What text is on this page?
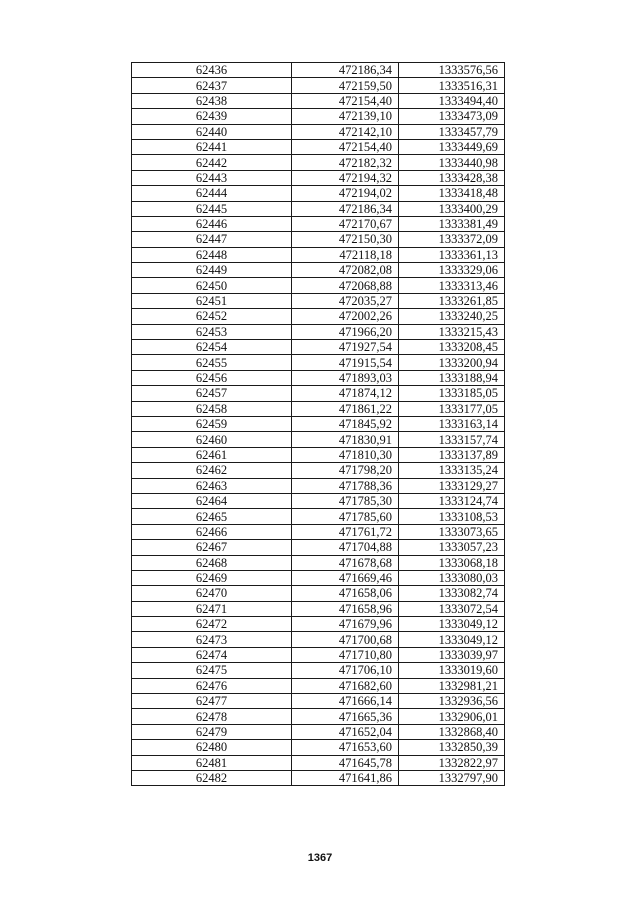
62436	472186,34	1333576,56
62437	472159,50	1333516,31
62438	472154,40	1333494,40
62439	472139,10	1333473,09
62440	472142,10	1333457,79
62441	472154,40	1333449,69
62442	472182,32	1333440,98
62443	472194,32	1333428,38
62444	472194,02	1333418,48
62445	472186,34	1333400,29
62446	472170,67	1333381,49
62447	472150,30	1333372,09
62448	472118,18	1333361,13
62449	472082,08	1333329,06
62450	472068,88	1333313,46
62451	472035,27	1333261,85
62452	472002,26	1333240,25
62453	471966,20	1333215,43
62454	471927,54	1333208,45
62455	471915,54	1333200,94
62456	471893,03	1333188,94
62457	471874,12	1333185,05
62458	471861,22	1333177,05
62459	471845,92	1333163,14
62460	471830,91	1333157,74
62461	471810,30	1333137,89
62462	471798,20	1333135,24
62463	471788,36	1333129,27
62464	471785,30	1333124,74
62465	471785,60	1333108,53
62466	471761,72	1333073,65
62467	471704,88	1333057,23
62468	471678,68	1333068,18
62469	471669,46	1333080,03
62470	471658,06	1333082,74
62471	471658,96	1333072,54
62472	471679,96	1333049,12
62473	471700,68	1333049,12
62474	471710,80	1333039,97
62475	471706,10	1333019,60
62476	471682,60	1332981,21
62477	471666,14	1332936,56
62478	471665,36	1332906,01
62479	471652,04	1332868,40
62480	471653,60	1332850,39
62481	471645,78	1332822,97
62482	471641,86	1332797,90
1367
